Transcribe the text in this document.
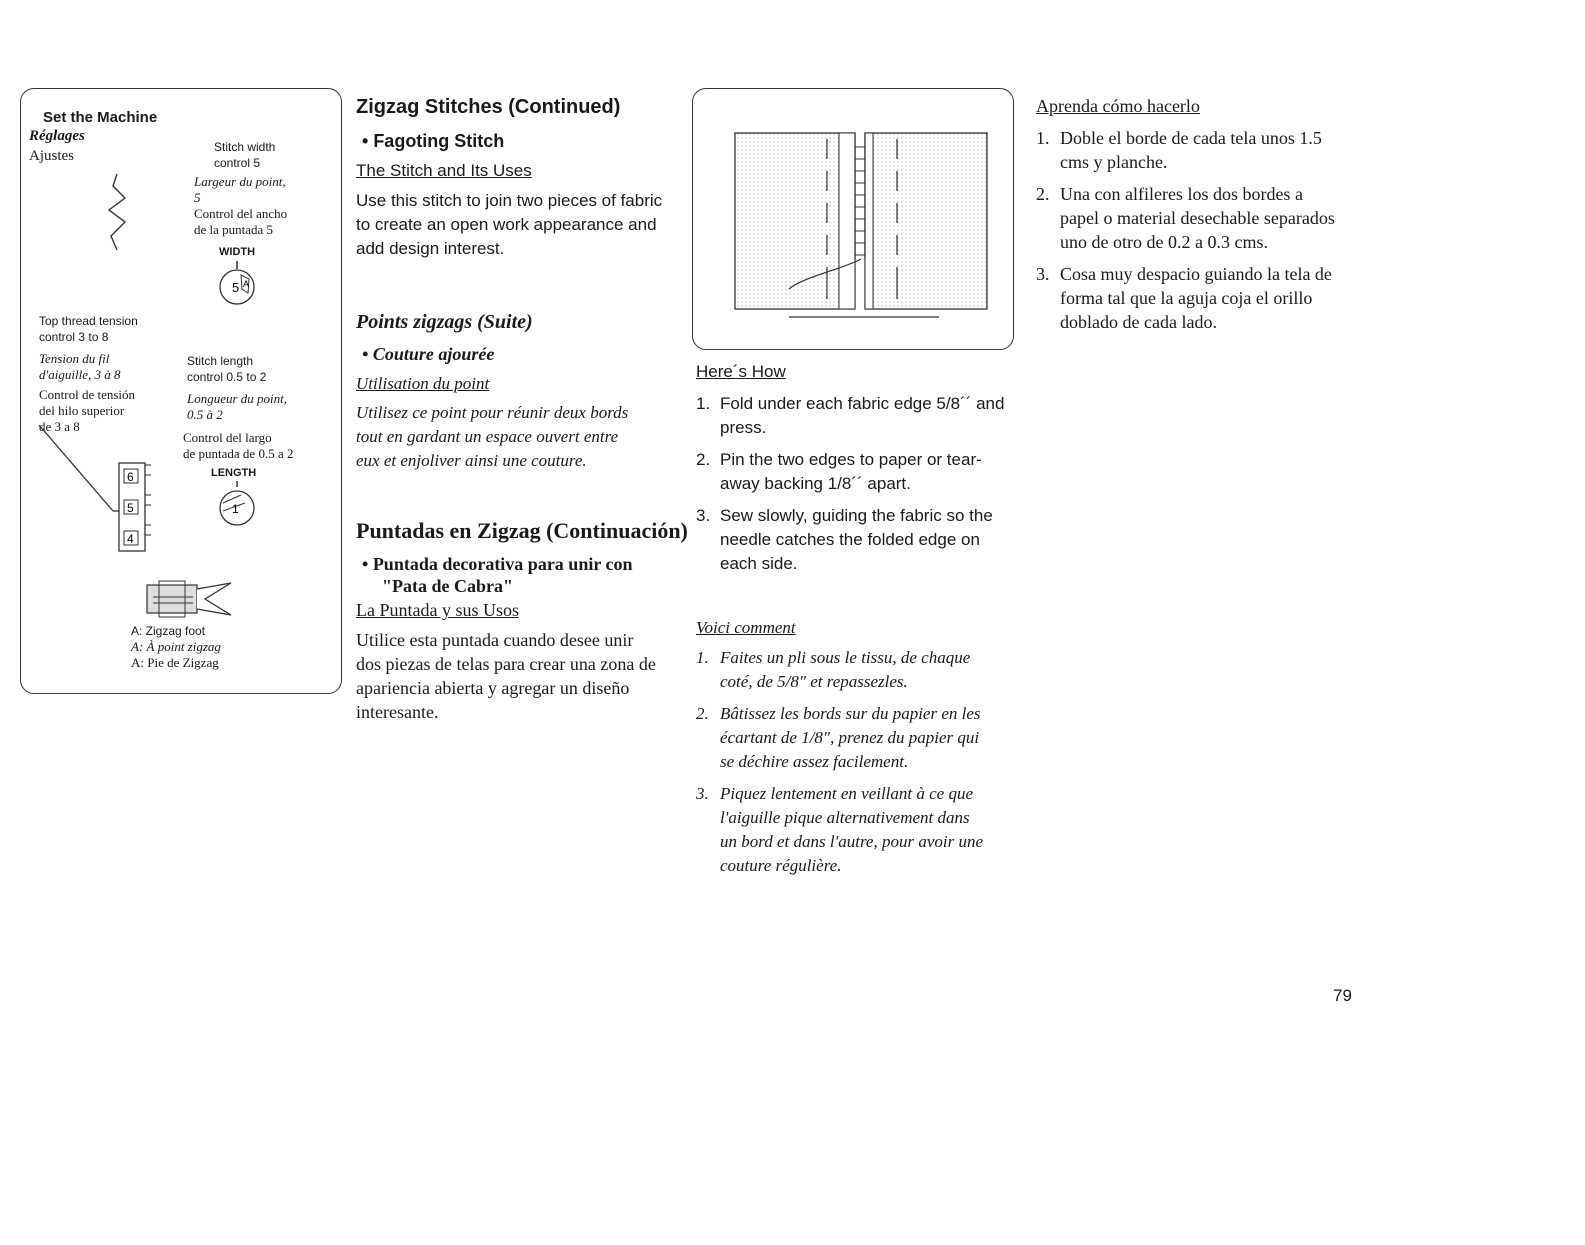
Set the Machine
Réglages
Ajustes
Stitch width
control 5
Largeur du point,
5
Control del ancho
de la puntada 5
WIDTH
5 A
Top thread tension
control 3 to 8
Tension du fil
d'aiguille, 3 à 8
Control de tensión
del hilo superior
de 3 a 8
6
5
4
Stitch length
control 0.5 to 2
Longueur du point,
0.5 à 2
Control del largo
de puntada de 0.5 a 2
LENGTH
1
A: Zigzag foot
A: À point zigzag
A: Pie de Zigzag
Zigzag Stitches (Continued)
• Fagoting Stitch
The Stitch and Its Uses
Use this stitch to join two pieces of fabric
to create an open work appearance and
add design interest.
Points zigzags (Suite)
• Couture ajourée
Utilisation du point
Utilisez ce point pour réunir deux bords
tout en gardant un espace ouvert entre
eux et enjoliver ainsi une couture.
Puntadas en Zigzag (Continuación)
• Puntada decorativa para unir con
"Pata de Cabra"
La Puntada y sus Usos
Utilice esta puntada cuando desee unir
dos piezas de telas para crear una zona de
apariencia abierta y agregar un diseño
interesante.
Here´s How
1. Fold under each fabric edge 5/8´´ and
press.
2. Pin the two edges to paper or tear-
away backing 1/8´´ apart.
3. Sew slowly, guiding the fabric so the
needle catches the folded edge on
each side.
Voici comment
1. Faites un pli sous le tissu, de chaque
coté, de 5/8" et repassezles.
2. Bâtissez les bords sur du papier en les
écartant de 1/8", prenez du papier qui
se déchire assez facilement.
3. Piquez lentement en veillant à ce que
l'aiguille pique alternativement dans
un bord et dans l'autre, pour avoir une
couture régulière.
Aprenda cómo hacerlo
1. Doble el borde de cada tela unos 1.5
cms y planche.
2. Una con alfileres los dos bordes a
papel o material desechable separados
uno de otro de 0.2 a 0.3 cms.
3. Cosa muy despacio guiando la tela de
forma tal que la aguja coja el orillo
doblado de cada lado.
79
